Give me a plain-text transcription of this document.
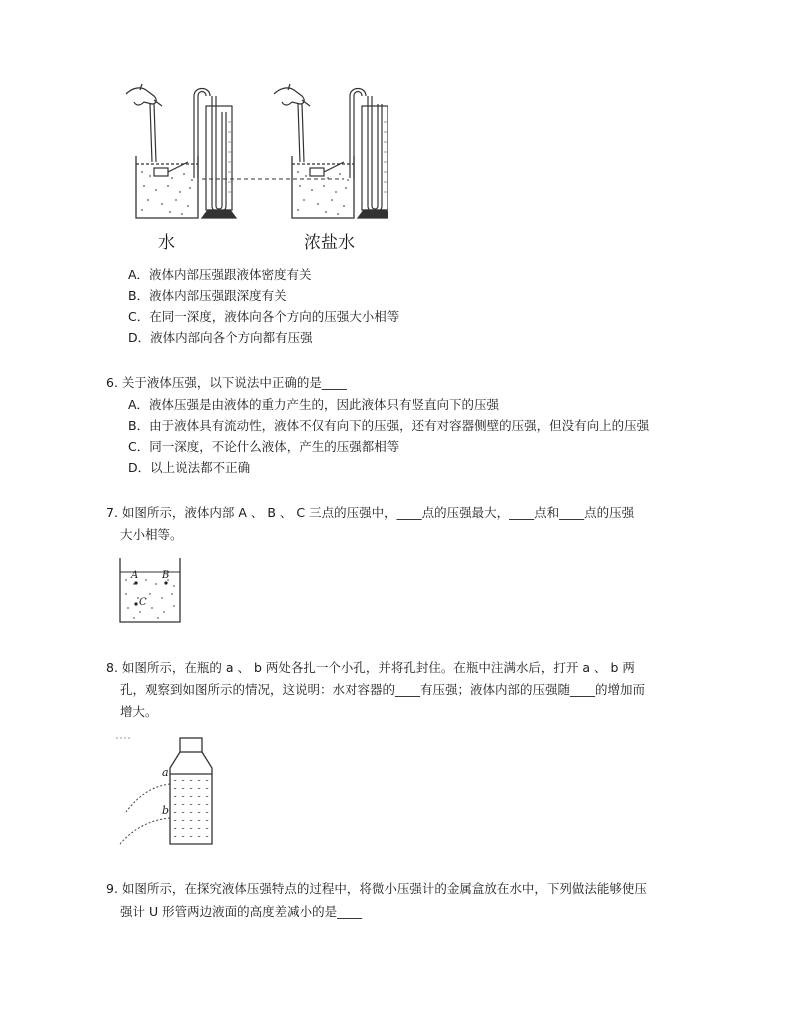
水	浓盐水
A．液体内部压强跟液体密度有关
B．液体内部压强跟深度有关
C．在同一深度，液体向各个方向的压强大小相等
D．液体内部向各个方向都有压强
6. 关于液体压强，以下说法中正确的是____
A．液体压强是由液体的重力产生的，因此液体只有竖直向下的压强
B．由于液体具有流动性，液体不仅有向下的压强，还有对容器侧壁的压强，但没有向上的压强
C．同一深度，不论什么液体，产生的压强都相等
D．以上说法都不正确
7. 如图所示，液体内部 A 、 B 、 C 三点的压强中，____点的压强最大，____点和____点的压强
大小相等。
A B
C
8. 如图所示，在瓶的 a 、 b 两处各扎一个小孔，并将孔封住。在瓶中注满水后，打开 a 、 b 两
孔，观察到如图所示的情况，这说明：水对容器的____有压强；液体内部的压强随____的增加而
增大。
a
b
9. 如图所示，在探究液体压强特点的过程中，将微小压强计的金属盒放在水中，下列做法能够使压
强计 U 形管两边液面的高度差减小的是____
